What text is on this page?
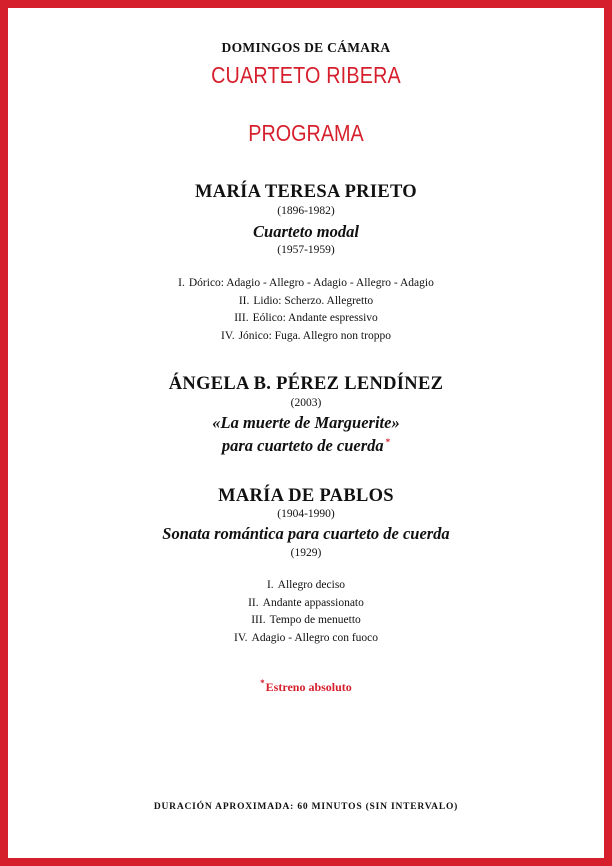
DOMINGOS DE CÁMARA
CUARTETO RIBERA
PROGRAMA
MARÍA TERESA PRIETO
(1896-1982)
Cuarteto modal
(1957-1959)
I. Dórico: Adagio - Allegro - Adagio - Allegro - Adagio
II. Lidio: Scherzo. Allegretto
III. Eólico: Andante espressivo
IV. Jónico: Fuga. Allegro non troppo
ÁNGELA B. PÉREZ LENDÍNEZ
(2003)
«La muerte de Marguerite»
para cuarteto de cuerda *
MARÍA DE PABLOS
(1904-1990)
Sonata romántica para cuarteto de cuerda
(1929)
I. Allegro deciso
II. Andante appassionato
III. Tempo de menuetto
IV. Adagio - Allegro con fuoco
*Estreno absoluto
DURACIÓN APROXIMADA: 60 MINUTOS (SIN INTERVALO)
